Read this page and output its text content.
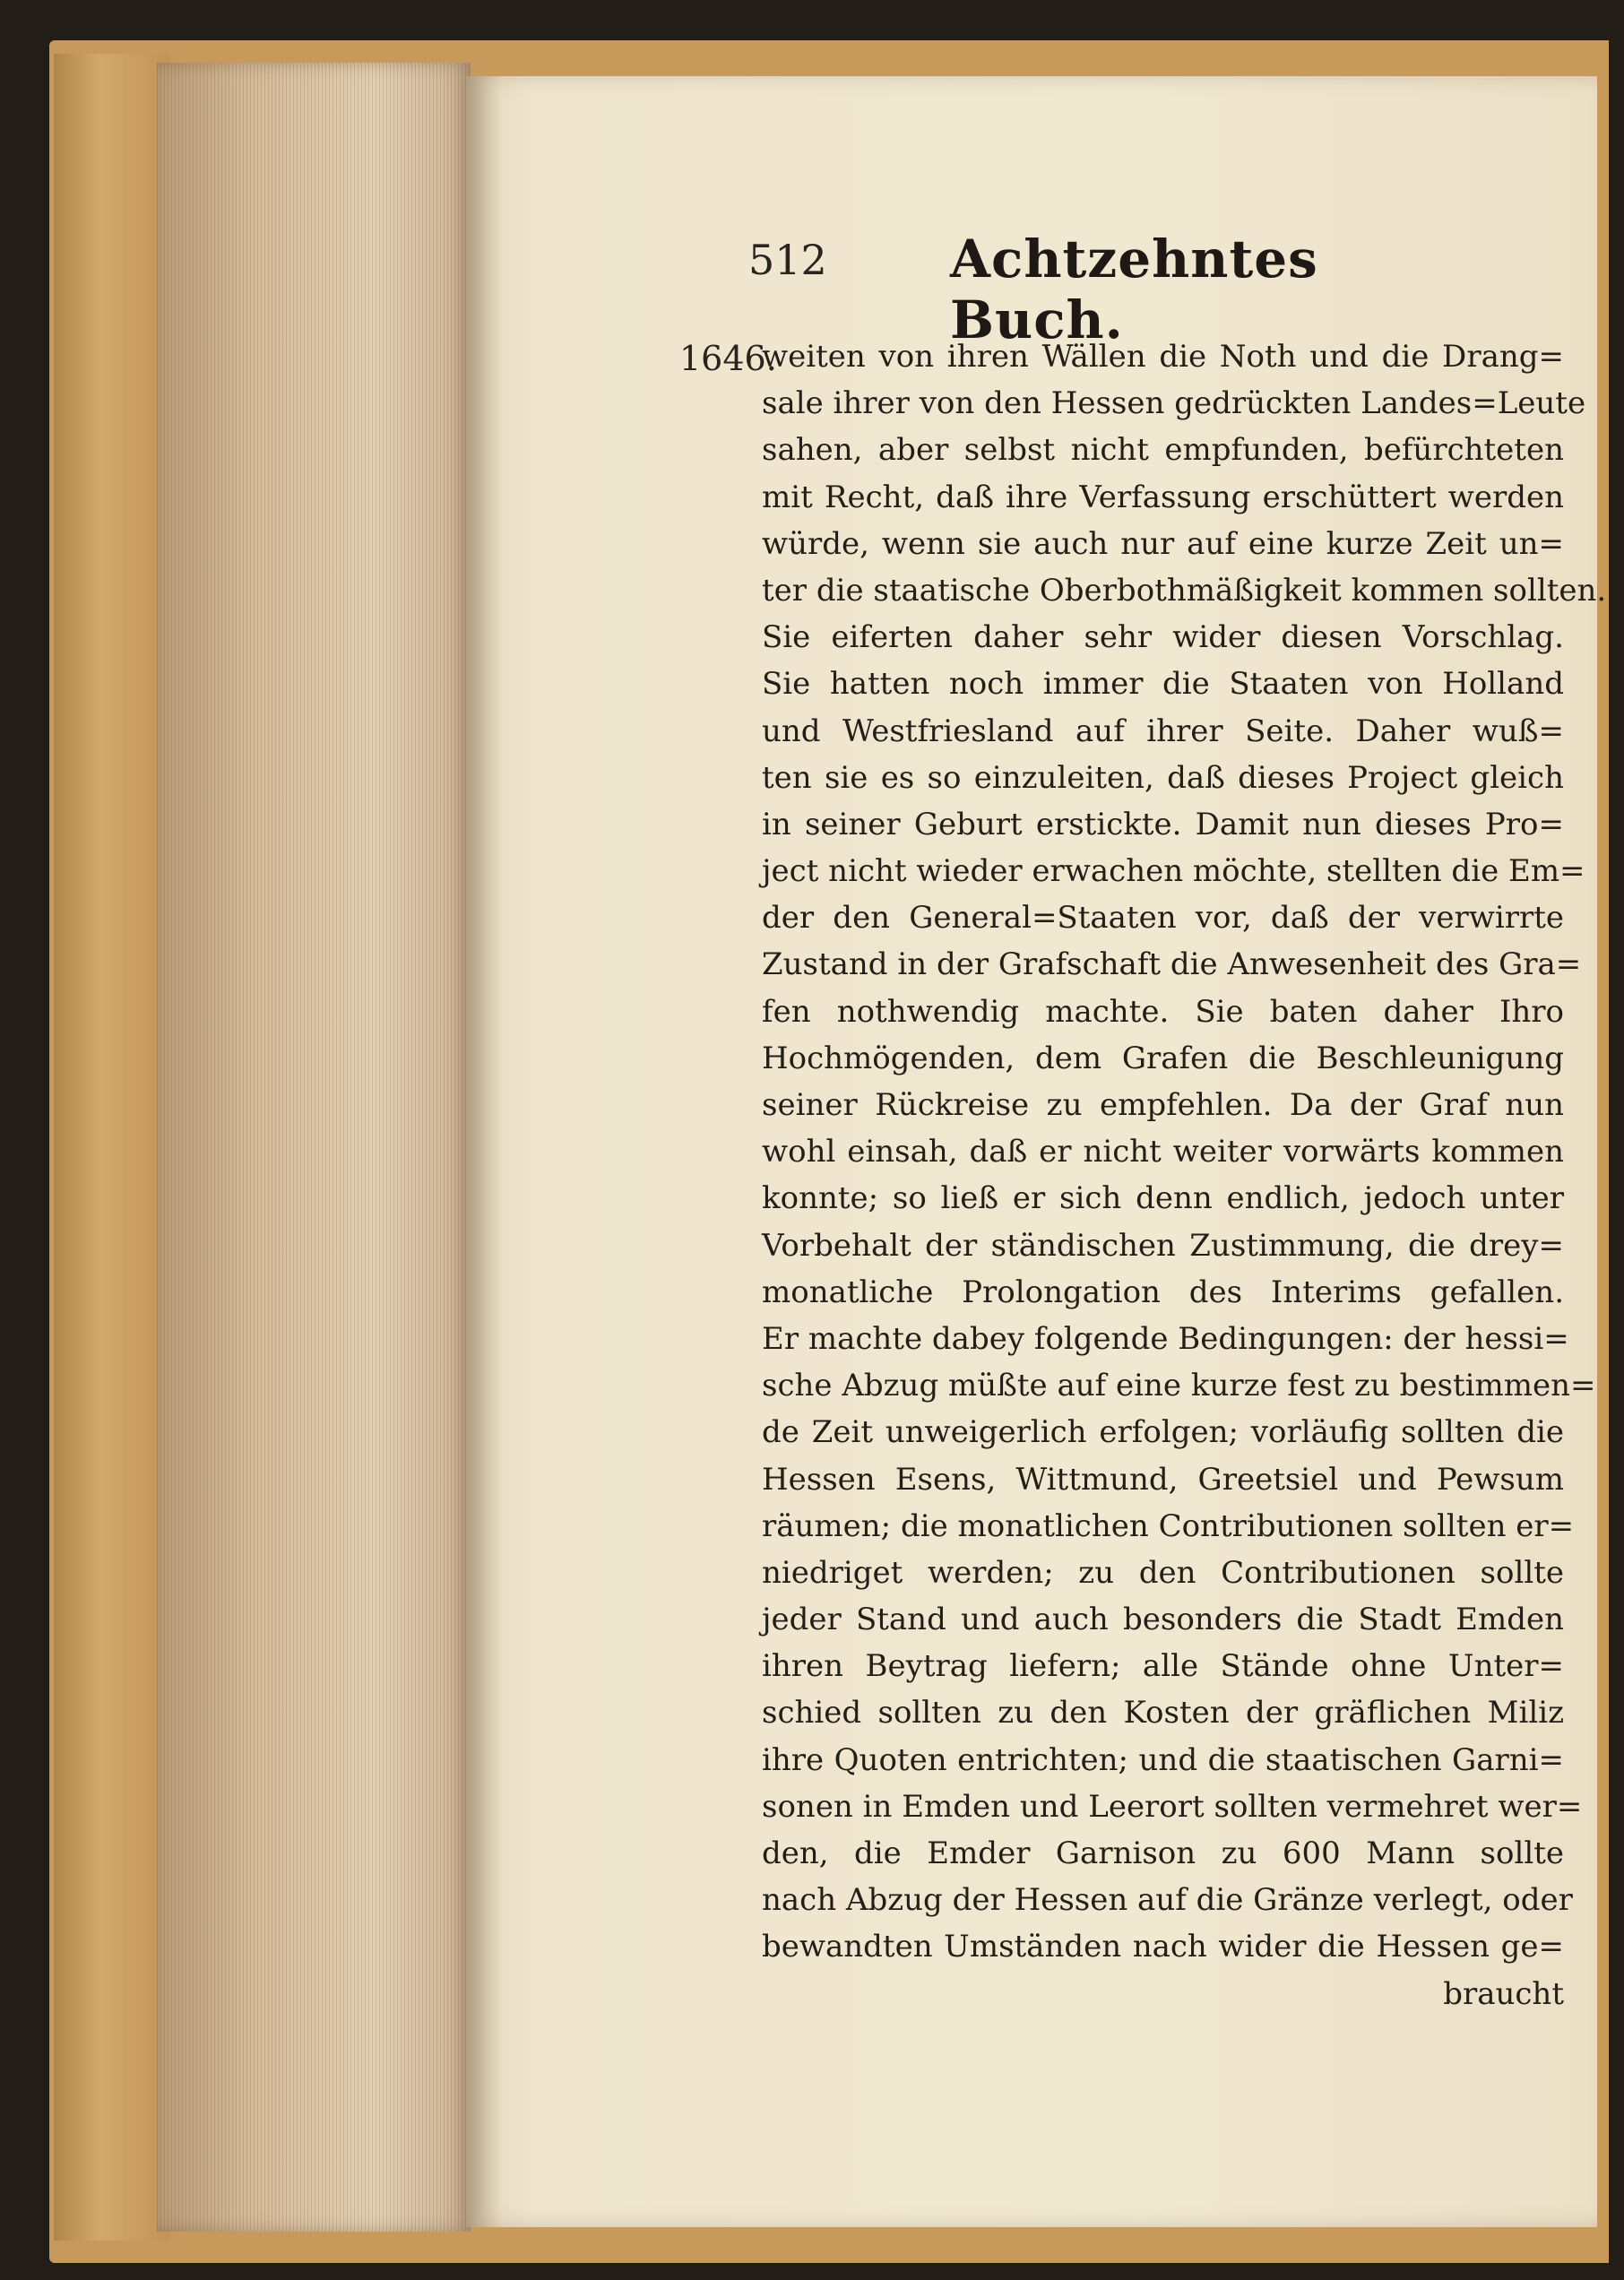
512 Achtzehntes Buch.
1646.
weiten von ihren Wällen die Noth und die Drang=
sale ihrer von den Hessen gedrückten Landes=Leute
sahen, aber selbst nicht empfunden, befürchteten
mit Recht, daß ihre Verfassung erschüttert werden
würde, wenn sie auch nur auf eine kurze Zeit un=
ter die staatische Oberbothmäßigkeit kommen sollten.
Sie eiferten daher sehr wider diesen Vorschlag.
Sie hatten noch immer die Staaten von Holland
und Westfriesland auf ihrer Seite. Daher wuß=
ten sie es so einzuleiten, daß dieses Project gleich
in seiner Geburt erstickte. Damit nun dieses Pro=
ject nicht wieder erwachen möchte, stellten die Em=
der den General=Staaten vor, daß der verwirrte
Zustand in der Grafschaft die Anwesenheit des Gra=
fen nothwendig machte. Sie baten daher Ihro
Hochmögenden, dem Grafen die Beschleunigung
seiner Rückreise zu empfehlen. Da der Graf nun
wohl einsah, daß er nicht weiter vorwärts kommen
konnte; so ließ er sich denn endlich, jedoch unter
Vorbehalt der ständischen Zustimmung, die drey=
monatliche Prolongation des Interims gefallen.
Er machte dabey folgende Bedingungen: der hessi=
sche Abzug müßte auf eine kurze fest zu bestimmen=
de Zeit unweigerlich erfolgen; vorläufig sollten die
Hessen Esens, Wittmund, Greetsiel und Pewsum
räumen; die monatlichen Contributionen sollten er=
niedriget werden; zu den Contributionen sollte
jeder Stand und auch besonders die Stadt Emden
ihren Beytrag liefern; alle Stände ohne Unter=
schied sollten zu den Kosten der gräflichen Miliz
ihre Quoten entrichten; und die staatischen Garni=
sonen in Emden und Leerort sollten vermehret wer=
den, die Emder Garnison zu 600 Mann sollte
nach Abzug der Hessen auf die Gränze verlegt, oder
bewandten Umständen nach wider die Hessen ge=
braucht
